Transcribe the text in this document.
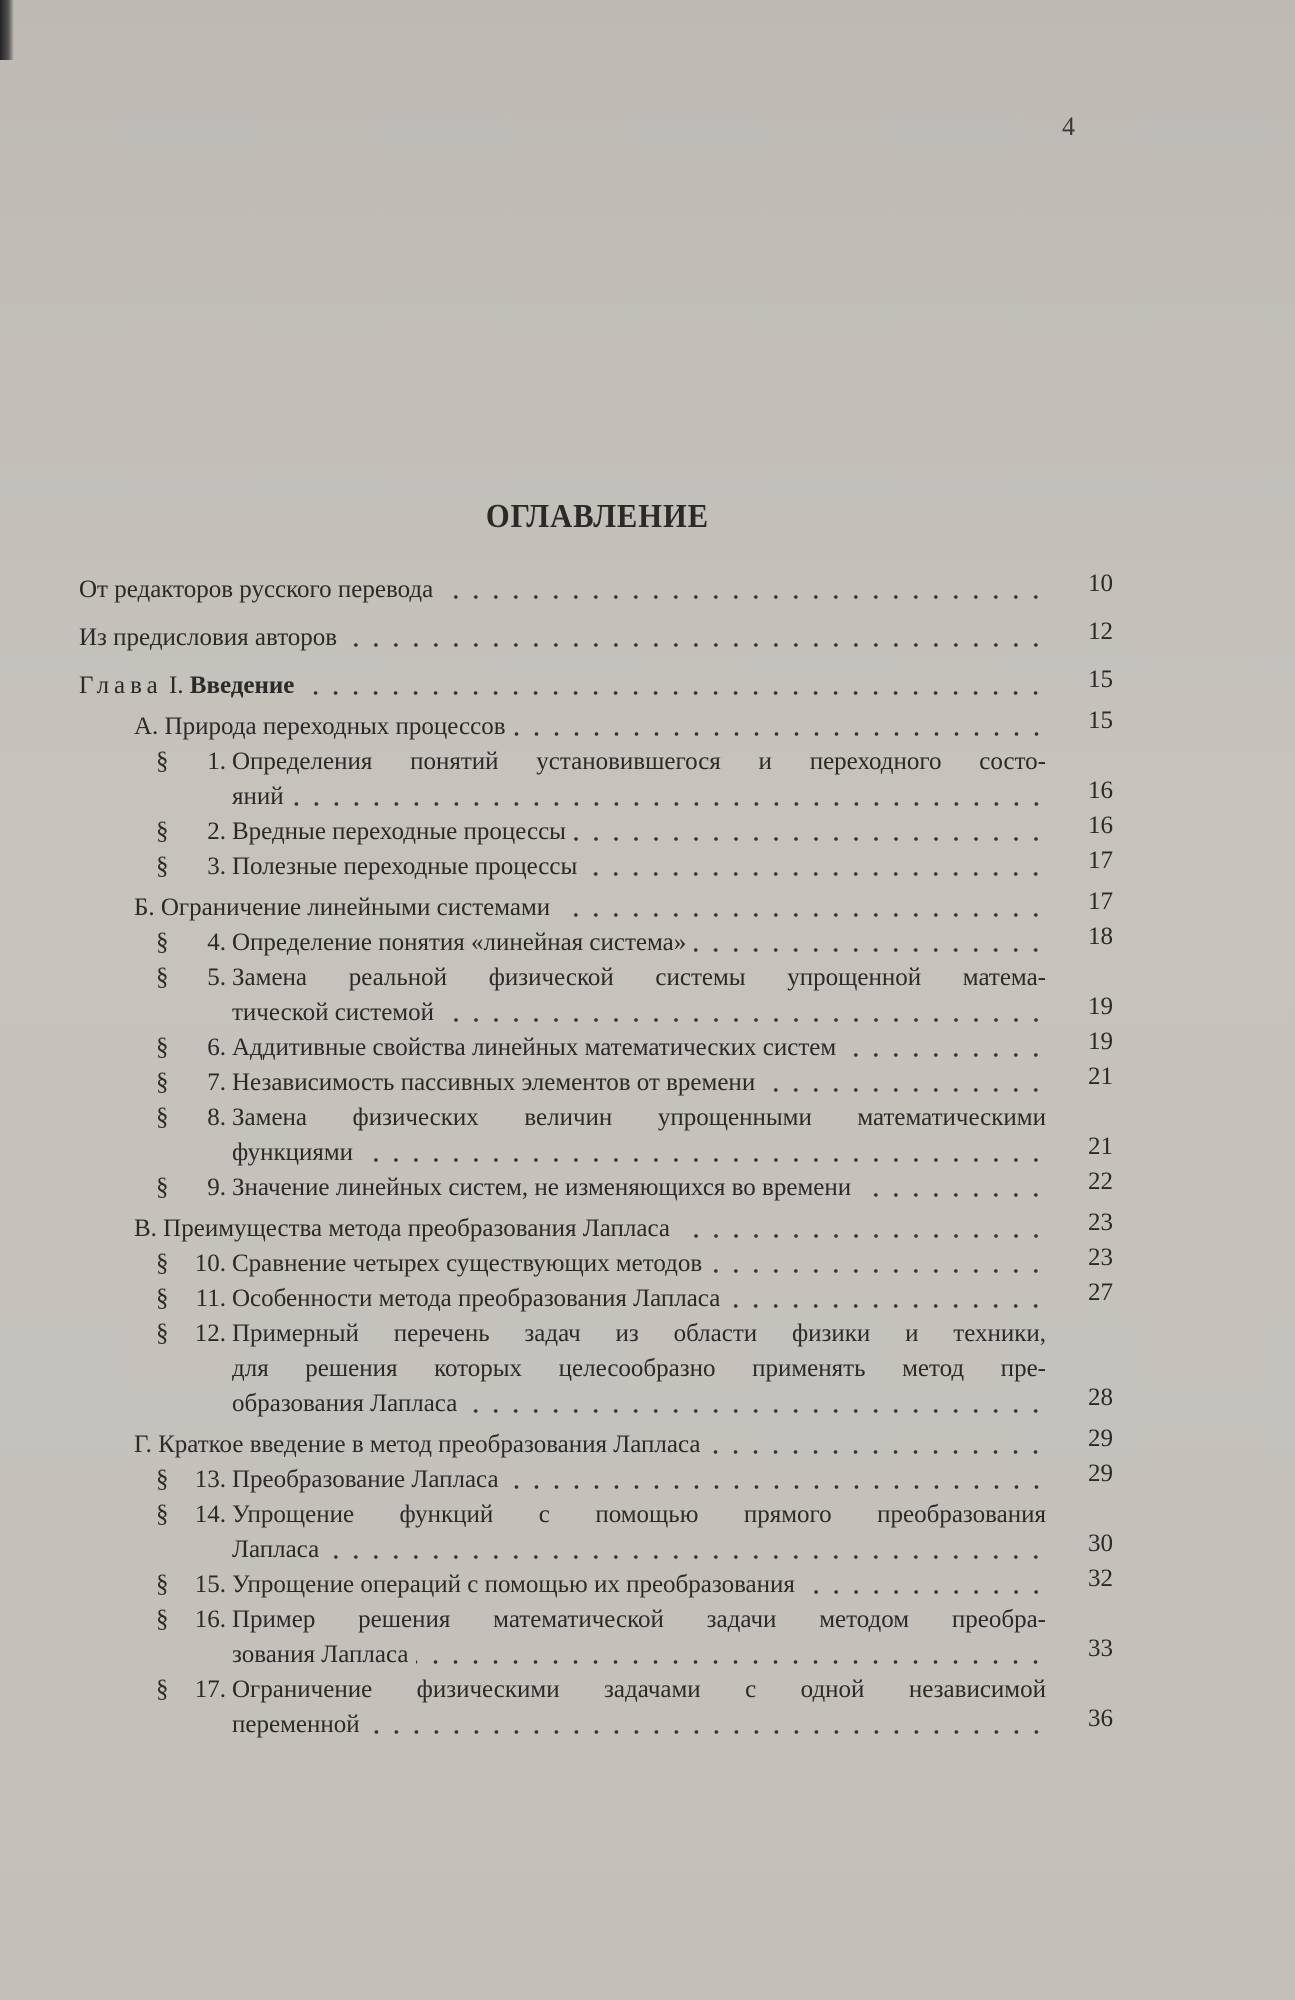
4
ОГЛАВЛЕНИЕ
От редакторов русского перевода	10
Из предисловия авторов	12
Глава I. Введение	15
А. Природа переходных процессов	15
§	1. Определения понятий установившегося и переходного состо-
яний	16
§	2. Вредные переходные процессы	16
§	3. Полезные переходные процессы	17
Б. Ограничение линейными системами	17
§	4. Определение понятия «линейная система»	18
§	5. Замена реальной физической системы упрощенной матема-
тической системой	19
§	6. Аддитивные свойства линейных математических систем	19
§	7. Независимость пассивных элементов от времени	21
§	8. Замена физических величин упрощенными математическими
функциями	21
§	9. Значение линейных систем, не изменяющихся во времени	22
В. Преимущества метода преобразования Лапласа	23
§	10. Сравнение четырех существующих методов	23
§	11. Особенности метода преобразования Лапласа	27
§	12. Примерный перечень задач из области физики и техники,
для решения которых целесообразно применять метод пре-
образования Лапласа	28
Г. Краткое введение в метод преобразования Лапласа	29
§	13. Преобразование Лапласа	29
§	14. Упрощение функций с помощью прямого преобразования
Лапласа	30
§	15. Упрощение операций с помощью их преобразования	32
§	16. Пример решения математической задачи методом преобра-
зования Лапласа	33
§	17. Ограничение физическими задачами с одной независимой
переменной	36
